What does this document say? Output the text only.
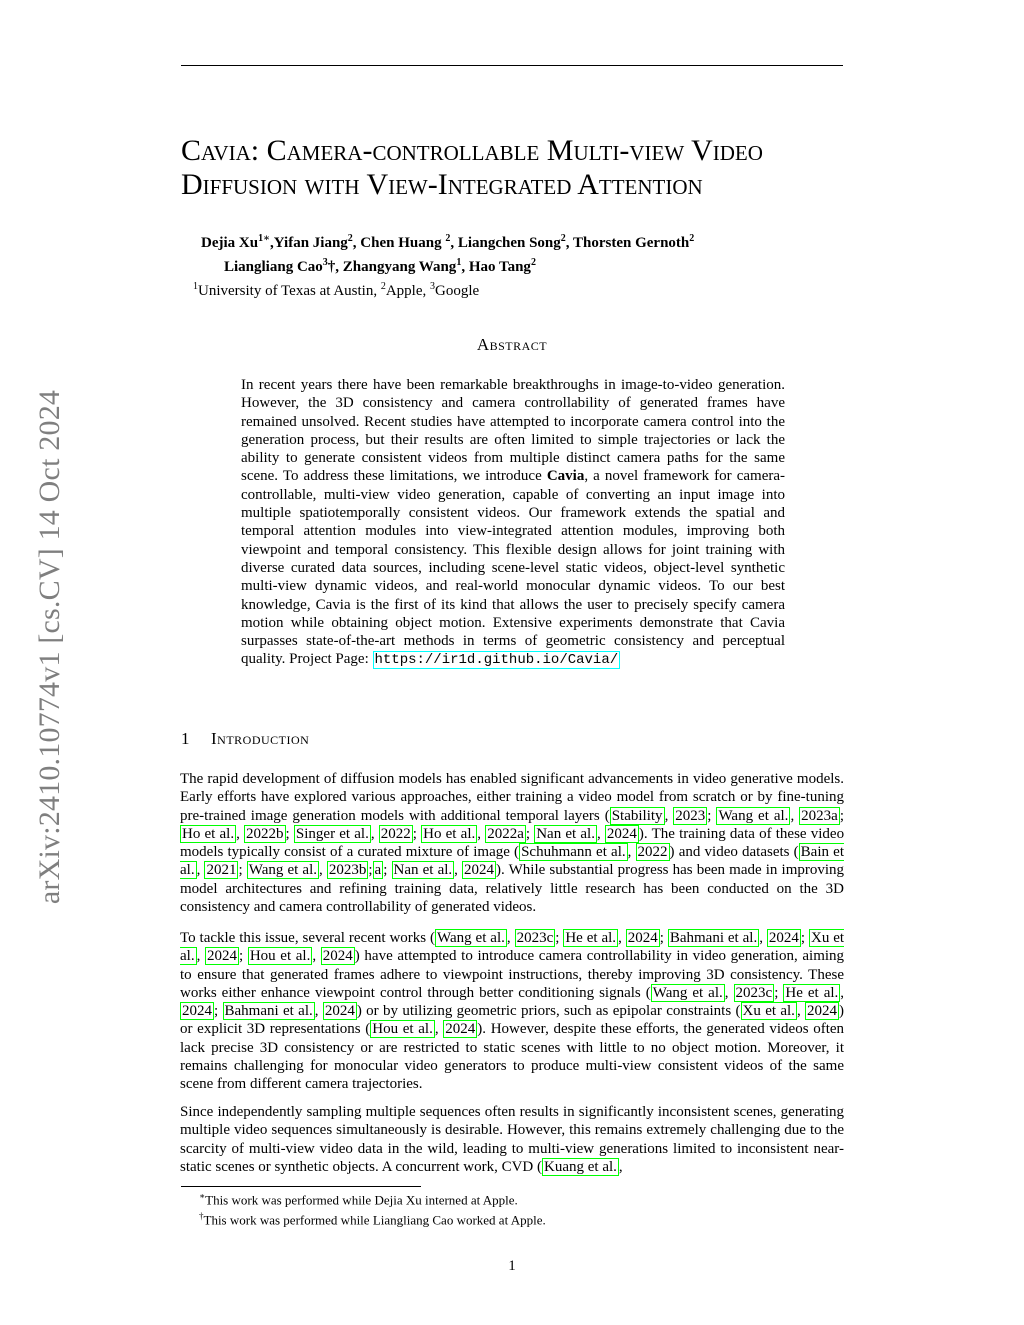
arXiv:2410.10774v1 [cs.CV] 14 Oct 2024
Cavia: Camera-controllable Multi-view Video
Diffusion with View-Integrated Attention
Dejia $Xu^{1∗},Yifan$ Jiang$^2$, Chen Huang $^2$, Liangchen Song$^2$, Thorsten Gernoth$^2$
Liangliang Cao$^3$†, Zhangyang Wang$^1$, Hao Tang$^2$
$^1$University of Texas at Austin, $^2$Apple, $^3$Google
Abstract

In recent years there have been remarkable breakthroughs in image-to-video generation. However, the 3D consistency and camera controllability of generated frames have remained unsolved. Recent studies have attempted to incorporate camera control into the generation process, but their results are often limited to simple trajectories or lack the ability to generate consistent videos from multiple distinct camera paths for the same scene. To address these limitations, we introduce Cavia, a novel framework for camera-controllable, multi-view video generation, capable of converting an input image into multiple spatiotemporally consistent videos. Our framework extends the spatial and temporal attention modules into view-integrated attention modules, improving both viewpoint and temporal consistency. This flexible design allows for joint training with diverse curated data sources, including scene-level static videos, object-level synthetic multi-view dynamic videos, and real-world monocular dynamic videos. To our best knowledge, Cavia is the first of its kind that allows the user to precisely specify camera motion while obtaining object motion. Extensive experiments demonstrate that Cavia surpasses state-of-the-art methods in terms of geometric consistency and perceptual quality. Project Page: https://ir1d.github.io/Cavia/

1 Introduction

The rapid development of diffusion models has enabled significant advancements in video generative models. Early efforts have explored various approaches, either training a video model from scratch or by fine-tuning pre-trained image generation models with additional temporal layers ( Stability , 2023 ; Wang et al. , 2023a ; Ho et al. , 2022b ; Singer et al. , 2022 ; Ho et al. , 2022a ; Nan et al. , 2024 ). The training data of these video models typically consist of a curated mixture of image ( Schuhmann et al. , 2022 ) and video datasets ( Bain et al. , 2021 ; Wang et al. , 2023b ; a ; Nan et al. , 2024 ). While substantial progress has been made in improving model architectures and refining training data, relatively little research has been conducted on the 3D consistency and camera controllability of generated videos.

To tackle this issue, several recent works ( Wang et al. , 2023c ; He et al. , 2024 ; Bahmani et al. , 2024 ; Xu et al. , 2024 ; Hou et al. , 2024 ) have attempted to introduce camera controllability in video generation, aiming to ensure that generated frames adhere to viewpoint instructions, thereby improving 3D consistency. These works either enhance viewpoint control through better conditioning signals ( Wang et al. , 2023c ; He et al. , 2024 ; Bahmani et al. , 2024 ) or by utilizing geometric priors, such as epipolar constraints ( Xu et al. , 2024 ) or explicit 3D representations ( Hou et al. , 2024 ). However, despite these efforts, the generated videos often lack precise 3D consistency or are restricted to static scenes with little to no object motion. Moreover, it remains challenging for monocular video generators to produce multi-view consistent videos of the same scene from different camera trajectories.

Since independently sampling multiple sequences often results in significantly inconsistent scenes, generating multiple video sequences simultaneously is desirable. However, this remains extremely challenging due to the scarcity of multi-view video data in the wild, leading to multi-view generations limited to inconsistent near-static scenes or synthetic objects. A concurrent work, CVD ( Kuang et al. ,

∗This work was performed while Dejia Xu interned at Apple.
†This work was performed while Liangliang Cao worked at Apple.
1
